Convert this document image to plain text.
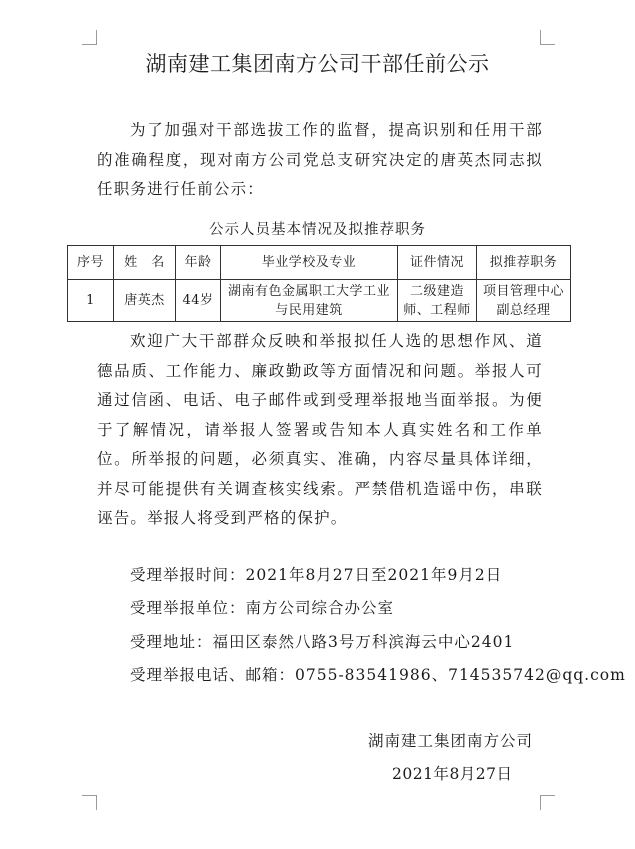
湖南建工集团南方公司干部任前公示

为了加强对干部选拔工作的监督，提高识别和任用干部的准确程度，现对南方公司党总支研究决定的唐英杰同志拟任职务进行任前公示：

公示人员基本情况及拟推荐职务
序号	姓　名	年龄	毕业学校及专业	证件情况	拟推荐职务
1	唐英杰	44岁	湖南有色金属职工大学工业与民用建筑	二级建造师、工程师	项目管理中心副总经理

欢迎广大干部群众反映和举报拟任人选的思想作风、道德品质、工作能力、廉政勤政等方面情况和问题。举报人可通过信函、电话、电子邮件或到受理举报地当面举报。为便于了解情况，请举报人签署或告知本人真实姓名和工作单位。所举报的问题，必须真实、准确，内容尽量具体详细，并尽可能提供有关调查核实线索。严禁借机造谣中伤，串联诬告。举报人将受到严格的保护。

受理举报时间：2021年8月27日至2021年9月2日
受理举报单位：南方公司综合办公室
受理地址：福田区泰然八路3号万科滨海云中心2401
受理举报电话、邮箱：0755-83541986、714535742@qq.com
湖南建工集团南方公司
2021年8月27日
